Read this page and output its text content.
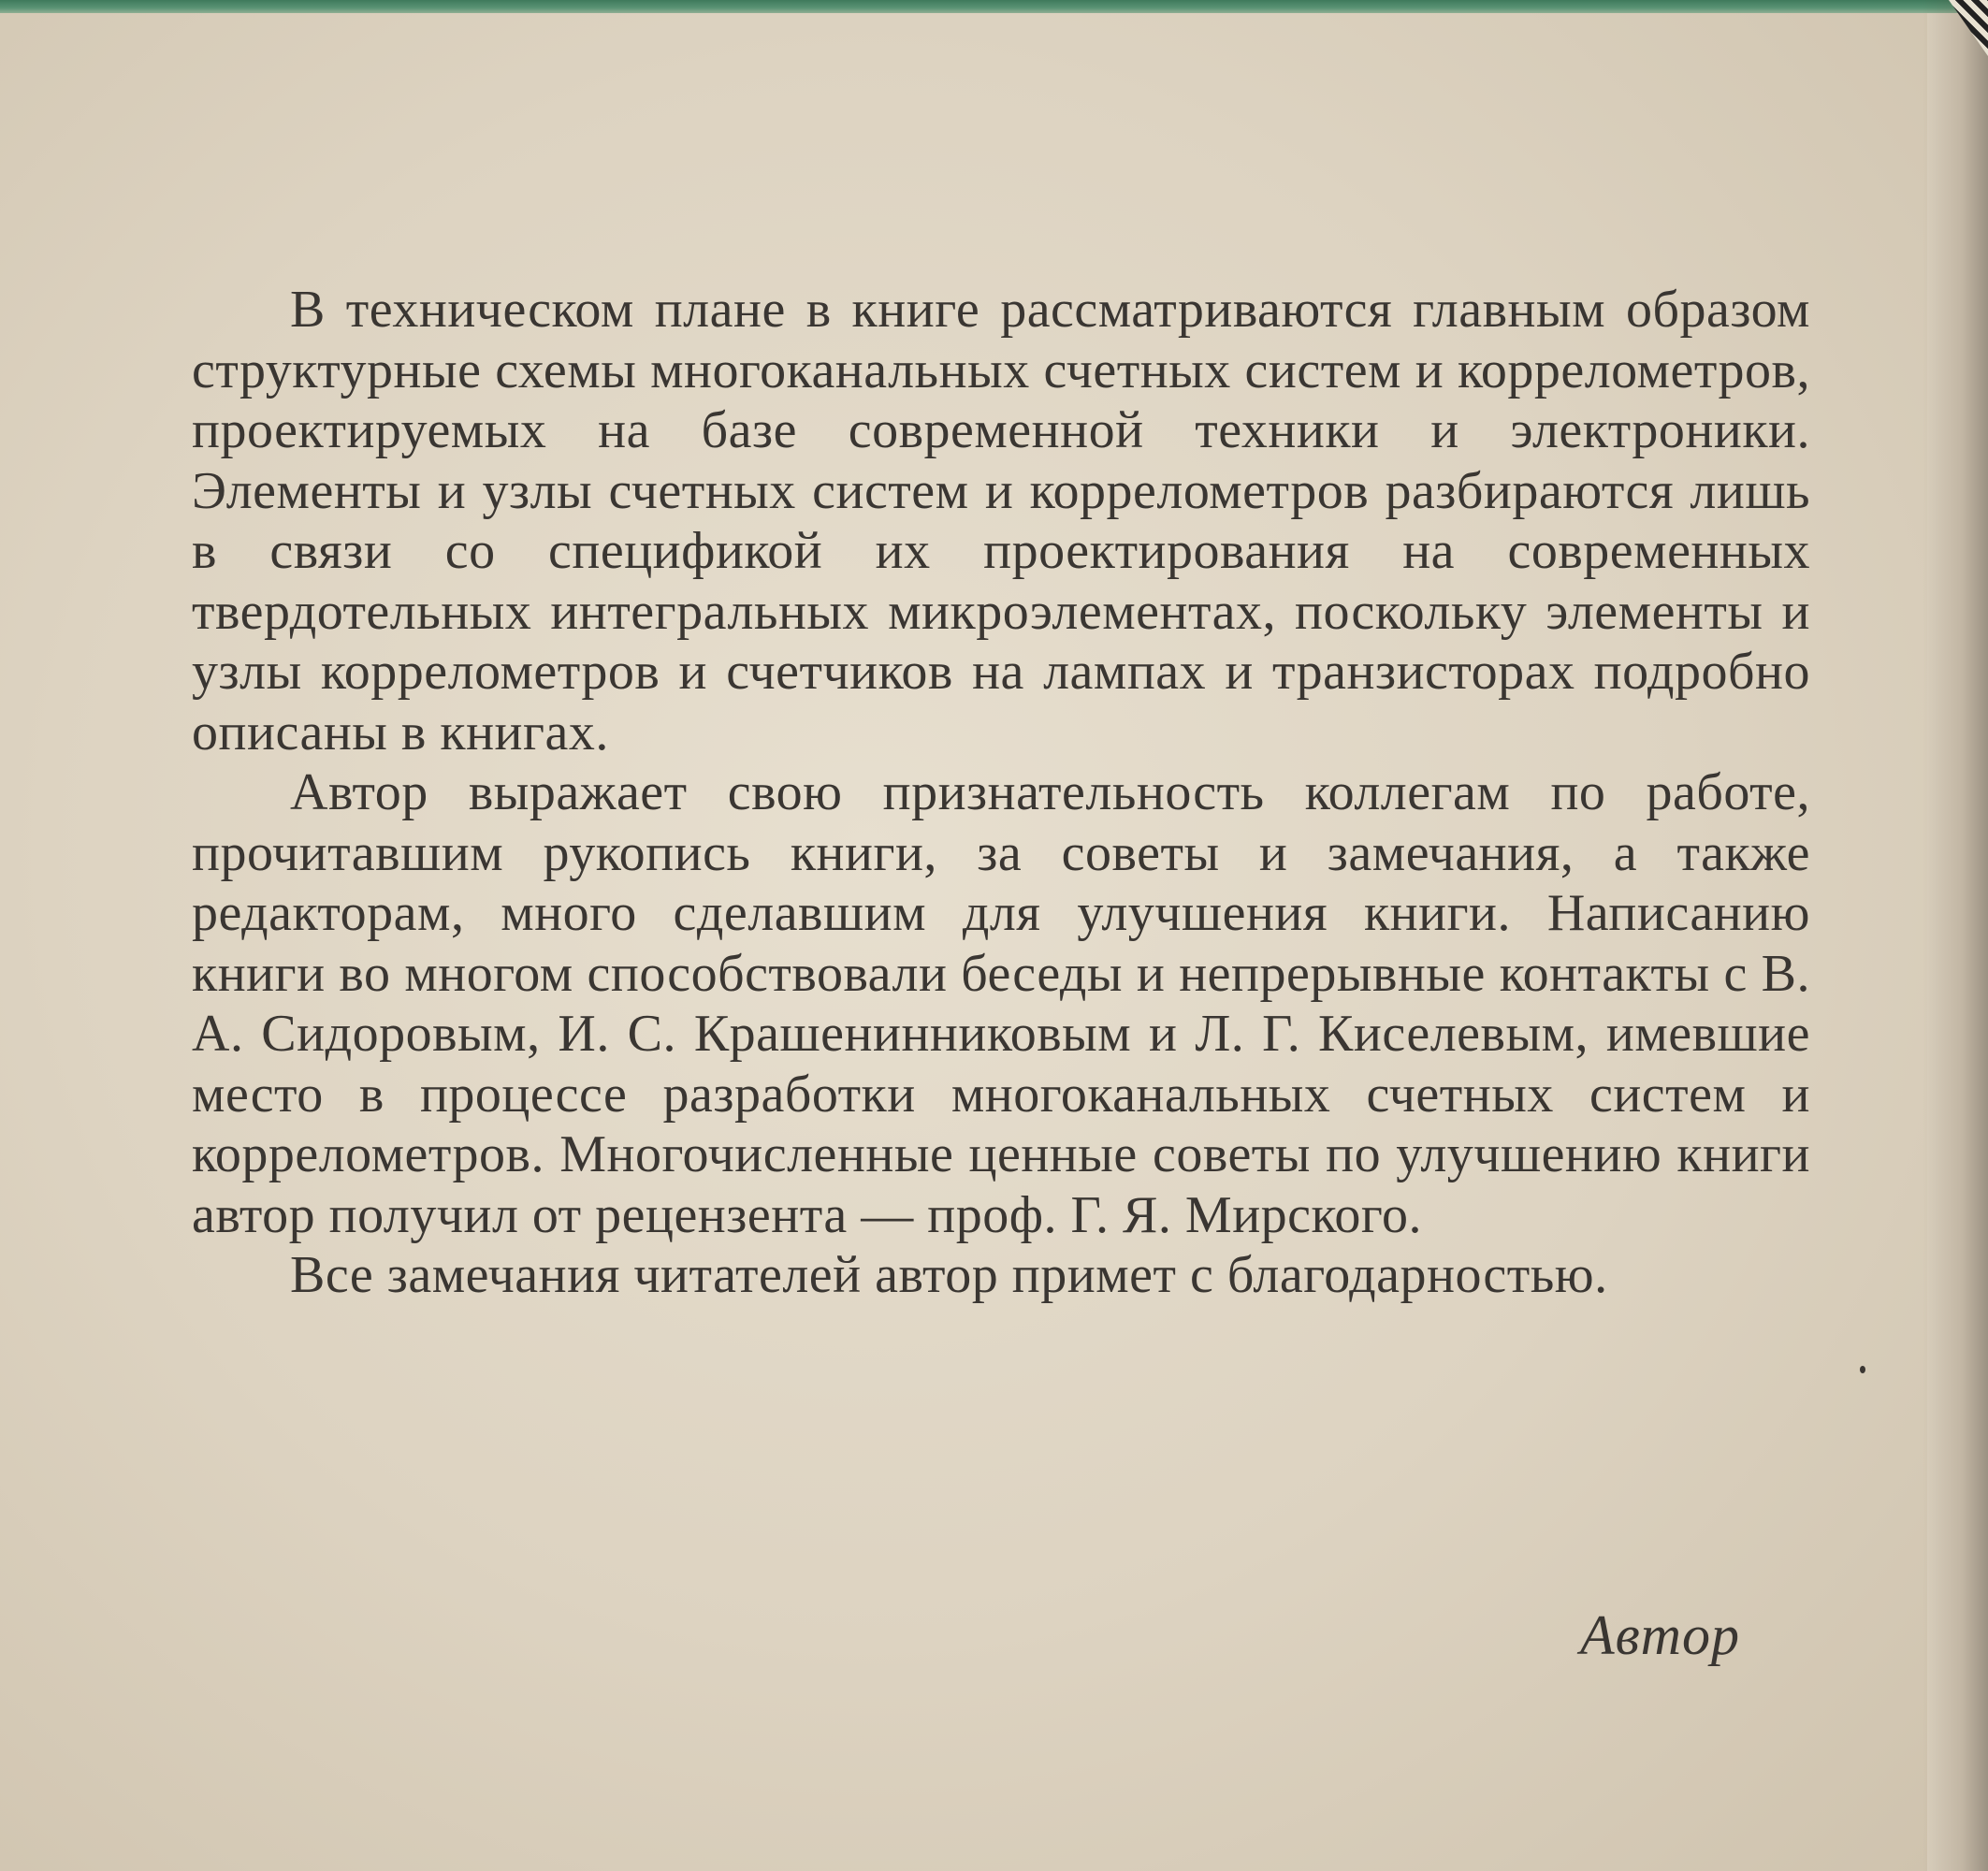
В техническом плане в книге рассматриваются главным образом структурные схемы многоканальных счетных систем и коррелометров, проектируемых на базе современной техники и электроники. Элементы и узлы счетных систем и коррелометров разбираются лишь в связи со спецификой их проектирования на современных твердотельных интегральных микроэлементах, поскольку элементы и узлы коррелометров и счетчиков на лампах и транзисторах подробно описаны в книгах.

Автор выражает свою признательность коллегам по работе, прочитавшим рукопись книги, за советы и замечания, а также редакторам, много сделавшим для улучшения книги. Написанию книги во многом способствовали беседы и непрерывные контакты с В. А. Сидоровым, И. С. Крашенинниковым и Л. Г. Киселевым, имевшие место в процессе разработки многоканальных счетных систем и коррелометров. Многочисленные ценные советы по улучшению книги автор получил от рецензента — проф. Г. Я. Мирского.

Все замечания читателей автор примет с благодарностью.

Автор
